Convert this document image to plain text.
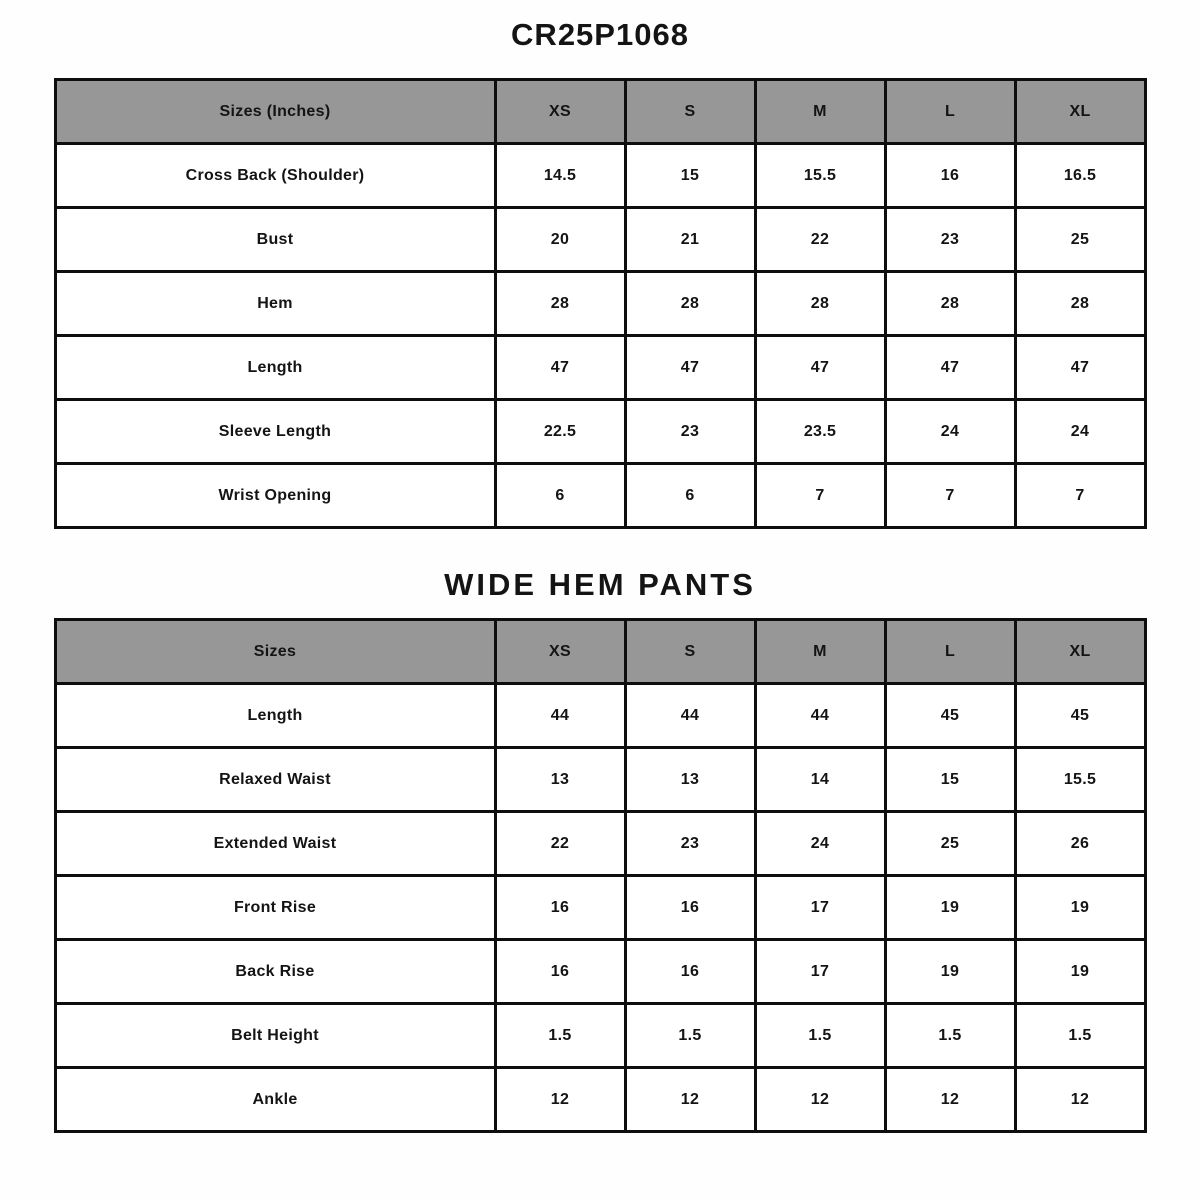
CR25P1068
Sizes (Inches)	XS	S	M	L	XL
Cross Back (Shoulder)	14.5	15	15.5	16	16.5
Bust	20	21	22	23	25
Hem	28	28	28	28	28
Length	47	47	47	47	47
Sleeve Length	22.5	23	23.5	24	24
Wrist Opening	6	6	7	7	7
WIDE HEM PANTS
Sizes	XS	S	M	L	XL
Length	44	44	44	45	45
Relaxed Waist	13	13	14	15	15.5
Extended Waist	22	23	24	25	26
Front Rise	16	16	17	19	19
Back Rise	16	16	17	19	19
Belt Height	1.5	1.5	1.5	1.5	1.5
Ankle	12	12	12	12	12
